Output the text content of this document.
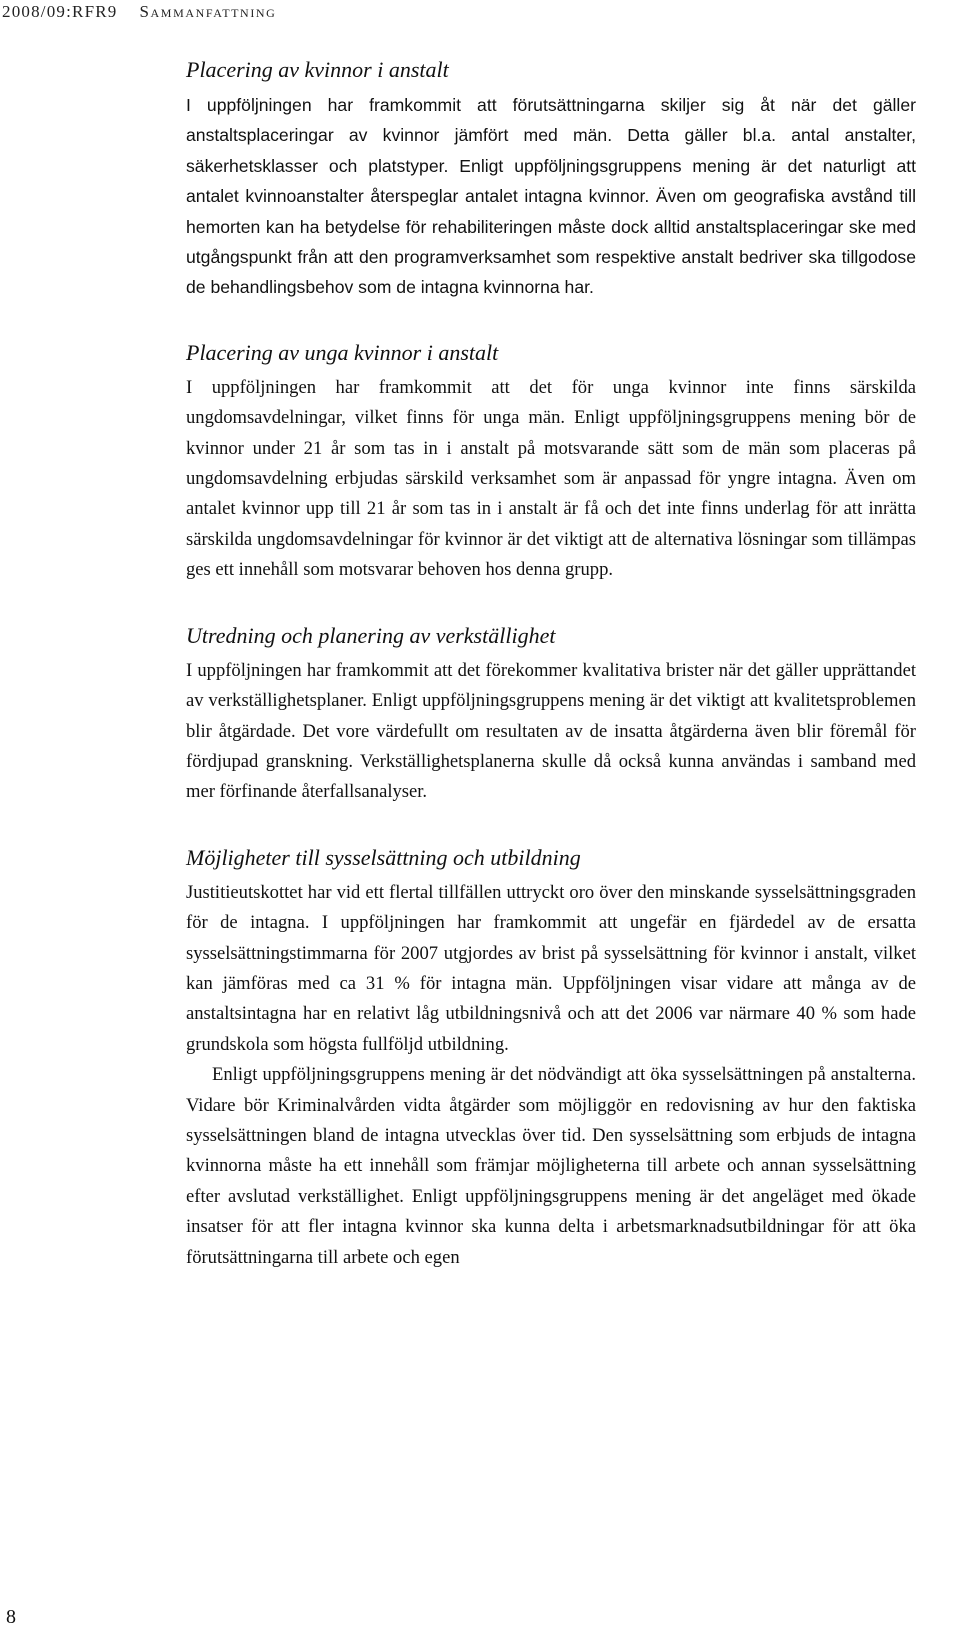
2008/09:RFR9 Sammanfattning
Placering av kvinnor i anstalt

I uppföljningen har framkommit att förutsättningarna skiljer sig åt när det gäller anstaltsplaceringar av kvinnor jämfört med män. Detta gäller bl.a. antal anstalter, säkerhetsklasser och platstyper. Enligt uppföljningsgruppens mening är det naturligt att antalet kvinnoanstalter återspeglar antalet intagna kvinnor. Även om geografiska avstånd till hemorten kan ha betydelse för rehabiliteringen måste dock alltid anstaltsplaceringar ske med utgångspunkt från att den programverksamhet som respektive anstalt bedriver ska tillgodose de behandlingsbehov som de intagna kvinnorna har.

Placering av unga kvinnor i anstalt

I uppföljningen har framkommit att det för unga kvinnor inte finns särskilda ungdomsavdelningar, vilket finns för unga män. Enligt uppföljningsgruppens mening bör de kvinnor under 21 år som tas in i anstalt på motsvarande sätt som de män som placeras på ungdomsavdelning erbjudas särskild verksamhet som är anpassad för yngre intagna. Även om antalet kvinnor upp till 21 år som tas in i anstalt är få och det inte finns underlag för att inrätta särskilda ungdomsavdelningar för kvinnor är det viktigt att de alternativa lösningar som tillämpas ges ett innehåll som motsvarar behoven hos denna grupp.

Utredning och planering av verkställighet

I uppföljningen har framkommit att det förekommer kvalitativa brister när det gäller upprättandet av verkställighetsplaner. Enligt uppföljningsgruppens mening är det viktigt att kvalitetsproblemen blir åtgärdade. Det vore värdefullt om resultaten av de insatta åtgärderna även blir föremål för fördjupad granskning. Verkställighetsplanerna skulle då också kunna användas i samband med mer förfinande återfallsanalyser.

Möjligheter till sysselsättning och utbildning

Justitieutskottet har vid ett flertal tillfällen uttryckt oro över den minskande sysselsättningsgraden för de intagna. I uppföljningen har framkommit att ungefär en fjärdedel av de ersatta sysselsättningstimmarna för 2007 utgjordes av brist på sysselsättning för kvinnor i anstalt, vilket kan jämföras med ca 31 % för intagna män. Uppföljningen visar vidare att många av de anstaltsintagna har en relativt låg utbildningsnivå och att det 2006 var närmare 40 % som hade grundskola som högsta fullföljd utbildning.

Enligt uppföljningsgruppens mening är det nödvändigt att öka sysselsättningen på anstalterna. Vidare bör Kriminalvården vidta åtgärder som möjliggör en redovisning av hur den faktiska sysselsättningen bland de intagna utvecklas över tid. Den sysselsättning som erbjuds de intagna kvinnorna måste ha ett innehåll som främjar möjligheterna till arbete och annan sysselsättning efter avslutad verkställighet. Enligt uppföljningsgruppens mening är det angeläget med ökade insatser för att fler intagna kvinnor ska kunna delta i arbetsmarknadsutbildningar för att öka förutsättningarna till arbete och egen

8
